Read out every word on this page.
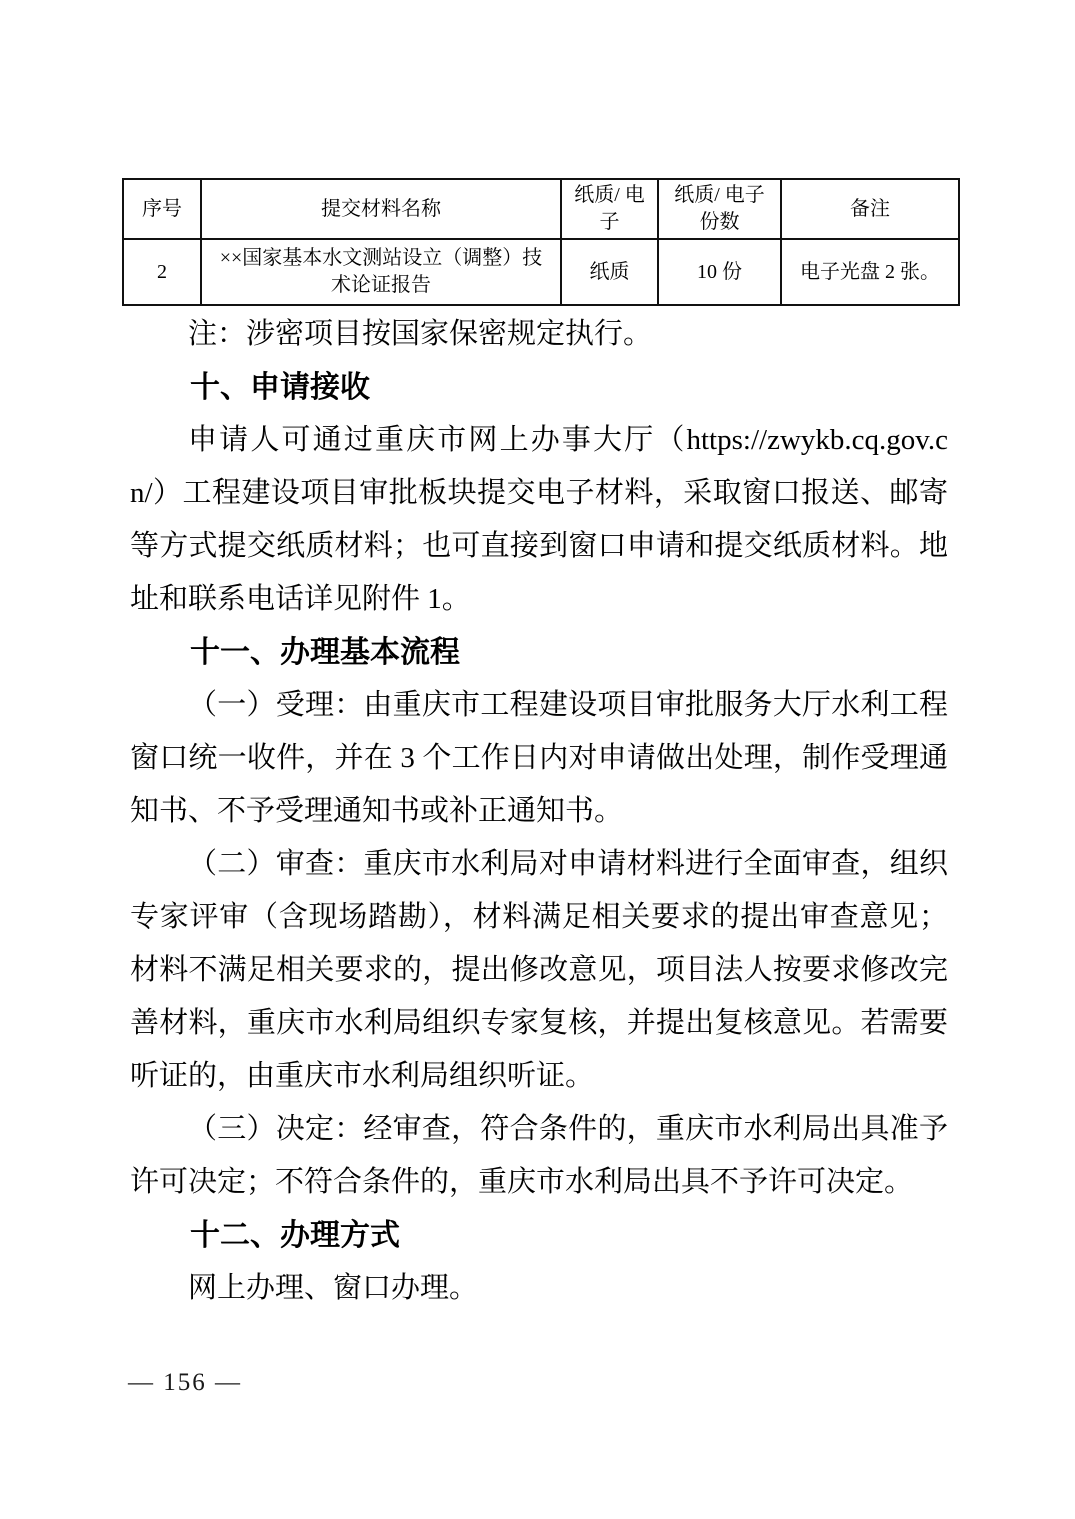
序号	提交材料名称	纸质/ 电子	纸质/ 电子份数	备注
2	××国家基本水文测站设立（调整）技术论证报告	纸质	10 份	电子光盘 2 张。

注：涉密项目按国家保密规定执行。

十、申请接收

申请人可通过重庆市网上办事大厅（https://zwykb.cq.gov.cn/）工程建设项目审批板块提交电子材料，采取窗口报送、邮寄等方式提交纸质材料；也可直接到窗口申请和提交纸质材料。地址和联系电话详见附件 1。

十一、办理基本流程

（一）受理：由重庆市工程建设项目审批服务大厅水利工程窗口统一收件，并在 3 个工作日内对申请做出处理，制作受理通知书、不予受理通知书或补正通知书。

（二）审查：重庆市水利局对申请材料进行全面审查，组织专家评审（含现场踏勘），材料满足相关要求的提出审查意见；材料不满足相关要求的，提出修改意见，项目法人按要求修改完善材料，重庆市水利局组织专家复核，并提出复核意见。若需要听证的，由重庆市水利局组织听证。

（三）决定：经审查，符合条件的，重庆市水利局出具准予许可决定；不符合条件的，重庆市水利局出具不予许可决定。

十二、办理方式

网上办理、窗口办理。

— 156 —
